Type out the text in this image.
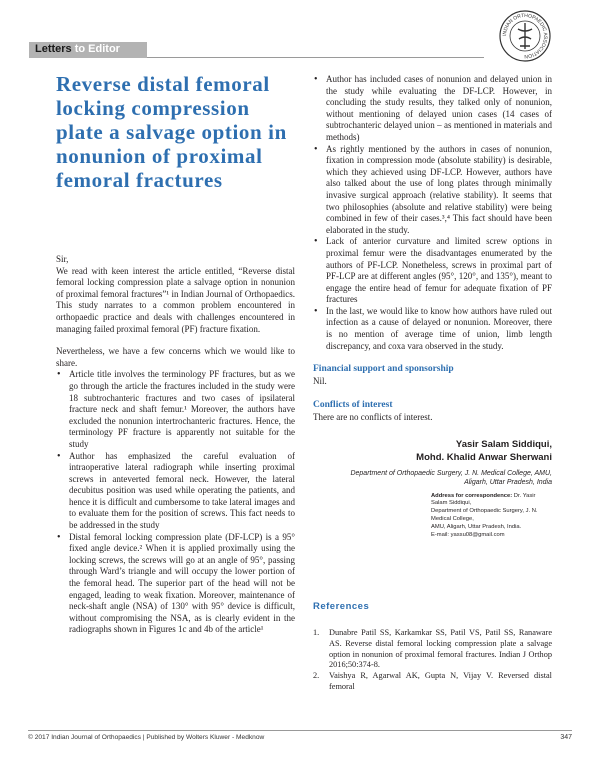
Letters to Editor
INDIAN ORTHOPAEDIC ASSOCIATION
Reverse distal femoral
locking compression
plate a salvage option in
nonunion of proximal
femoral fractures

Sir,

We read with keen interest the article entitled, “Reverse distal femoral locking compression plate a salvage option in nonunion of proximal femoral fractures”¹ in Indian Journal of Orthopaedics. This study narrates to a common problem encountered in orthopaedic practice and deals with challenges encountered in managing failed proximal femoral (PF) fracture fixation.

Nevertheless, we have a few concerns which we would like to share.

• Article title involves the terminology PF fractures, but as we go through the article the fractures included in the study were 18 subtrochanteric fractures and two cases of ipsilateral fracture neck and shaft femur.¹ Moreover, the authors have excluded the nonunion intertrochanteric fractures. Hence, the terminology PF fracture is apparently not suitable for the study
• Author has emphasized the careful evaluation of intraoperative lateral radiograph while inserting proximal screws in anteverted femoral neck. However, the lateral decubitus position was used while operating the patients, and hence it is difficult and cumbersome to take lateral images and to evaluate them for the position of screws. This fact needs to be addressed in the study
• Distal femoral locking compression plate (DF-LCP) is a 95° fixed angle device.² When it is applied proximally using the locking screws, the screws will go at an angle of 95°, passing through Ward’s triangle and will occupy the lower portion of the femoral head. The superior part of the head will not be engaged, leading to weak fixation. Moreover, maintenance of neck-shaft angle (NSA) of 130° with 95° device is difficult, without compromising the NSA, as is clearly evident in the radiographs shown in Figures 1c and 4b of the article¹
• Author has included cases of nonunion and delayed union in the study while evaluating the DF-LCP. However, in concluding the study results, they talked only of nonunion, without mentioning of delayed union cases (14 cases of subtrochanteric delayed union – as mentioned in materials and methods)
• As rightly mentioned by the authors in cases of nonunion, fixation in compression mode (absolute stability) is desirable, which they achieved using DF-LCP. However, authors have also talked about the use of long plates through minimally invasive surgical approach (relative stability). It seems that two philosophies (absolute and relative stability) were being combined in few of their cases.³,⁴ This fact should have been elaborated in the study.
• Lack of anterior curvature and limited screw options in proximal femur were the disadvantages enumerated by the authors of PF-LCP. Nonetheless, screws in proximal part of PF-LCP are at different angles (95°, 120°, and 135°), meant to engage the entire head of femur for adequate fixation of PF fractures
• In the last, we would like to know how authors have ruled out infection as a cause of delayed or nonunion. Moreover, there is no mention of average time of union, limb length discrepancy, and coxa vara observed in the study.
Financial support and sponsorship

Nil.

Conflicts of interest

There are no conflicts of interest.

Yasir Salam Siddiqui,
Mohd. Khalid Anwar Sherwani
Department of Orthopaedic Surgery, J. N. Medical College, AMU,
Aligarh, Uttar Pradesh, India
Address for correspondence: Dr. Yasir Salam Siddiqui,
Department of Orthopaedic Surgery, J. N. Medical College,
AMU, Aligarh, Uttar Pradesh, India.
E-mail: yassu08@gmail.com
References
1. Dunabre Patil SS, Karkamkar SS, Patil VS, Patil SS, Ranaware AS. Reverse distal femoral locking compression plate a salvage option in nonunion of proximal femoral fractures. Indian J Orthop 2016;50:374-8.
2. Vaishya R, Agarwal AK, Gupta N, Vijay V. Reversed distal femoral
© 2017 Indian Journal of Orthopaedics | Published by Wolters Kluwer - Medknow	347
